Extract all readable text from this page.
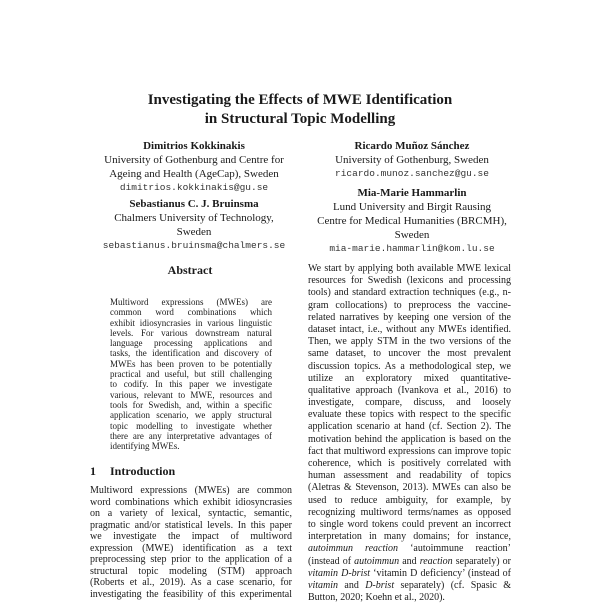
Investigating the Effects of MWE Identification
in Structural Topic Modelling
Dimitrios Kokkinakis
University of Gothenburg and Centre for
Ageing and Health (AgeCap), Sweden
dimitrios.kokkinakis@gu.se
Sebastianus C. J. Bruinsma
Chalmers University of Technology,
Sweden
sebastianus.bruinsma@chalmers.se
Ricardo Muñoz Sánchez
University of Gothenburg, Sweden
ricardo.munoz.sanchez@gu.se
Mia-Marie Hammarlin
Lund University and Birgit Rausing
Centre for Medical Humanities (BRCMH),
Sweden
mia-marie.hammarlin@kom.lu.se
Abstract
Multiword expressions (MWEs) are
common word combinations which
exhibit idiosyncrasies in various linguistic
levels. For various downstream natural
language processing applications and
tasks, the identification and discovery of
MWEs has been proven to be potentially
practical and useful, but still challenging
to codify. In this paper we investigate
various, relevant to MWE, resources and
tools for Swedish, and, within a specific
application scenario, we apply structural
topic modelling to investigate whether
there are any interpretative advantages of
identifying MWEs.
1 Introduction
Multiword expressions (MWEs) are common
word combinations which exhibit idiosyncrasies
on a variety of lexical, syntactic, semantic,
pragmatic and/or statistical levels. In this paper
we investigate the impact of multiword
expression (MWE) identification as a text
preprocessing step prior to the application of a
structural topic modeling (STM) approach
(Roberts et al., 2019). As a case scenario, for
investigating the feasibility of this experimental
We start by applying both available MWE lexical
resources for Swedish (lexicons and processing
tools) and standard extraction techniques (e.g., n-
gram collocations) to preprocess the vaccine-
related narratives by keeping one version of the
dataset intact, i.e., without any MWEs identified.
Then, we apply STM in the two versions of the
same dataset, to uncover the most prevalent
discussion topics. As a methodological step, we
utilize an exploratory mixed quantitative-
qualitative approach (Ivankova et al., 2016) to
investigate, compare, discuss, and loosely
evaluate these topics with respect to the specific
application scenario at hand (cf. Section 2). The
motivation behind the application is based on the
fact that multiword expressions can improve topic
coherence, which is positively correlated with
human assessment and readability of topics
(Aletras & Stevenson, 2013). MWEs can also be
used to reduce ambiguity, for example, by
recognizing multiword terms/names as opposed
to single word tokens could prevent an incorrect
interpretation in many domains; for instance,
autoimmun reaction ‘autoimmune reaction’
(instead of autoimmun and reaction separately) or
vitamin D-brist ‘vitamin D deficiency’ (instead of
vitamin and D-brist separately) (cf. Spasic &
Button, 2020; Koehn et al., 2020).
